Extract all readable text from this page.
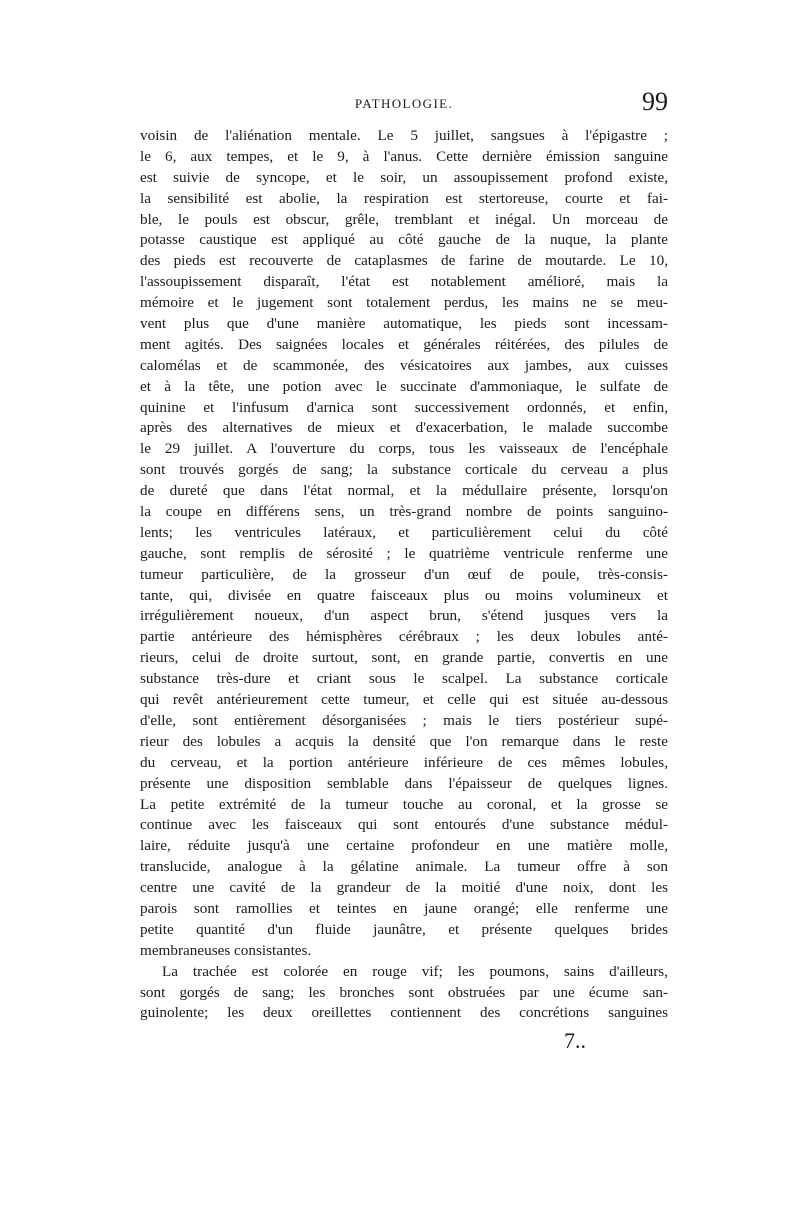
PATHOLOGIE.	99
voisin de l'aliénation mentale. Le 5 juillet, sangsues à l'épigastre ;
le 6, aux tempes, et le 9, à l'anus. Cette dernière émission sanguine
est suivie de syncope, et le soir, un assoupissement profond existe,
la sensibilité est abolie, la respiration est stertoreuse, courte et fai-
ble, le pouls est obscur, grêle, tremblant et inégal. Un morceau de
potasse caustique est appliqué au côté gauche de la nuque, la plante
des pieds est recouverte de cataplasmes de farine de moutarde. Le 10,
l'assoupissement disparaît, l'état est notablement amélioré, mais la
mémoire et le jugement sont totalement perdus, les mains ne se meu-
vent plus que d'une manière automatique, les pieds sont incessam-
ment agités. Des saignées locales et générales réitérées, des pilules de
calomélas et de scammonée, des vésicatoires aux jambes, aux cuisses
et à la tête, une potion avec le succinate d'ammoniaque, le sulfate de
quinine et l'infusum d'arnica sont successivement ordonnés, et enfin,
après des alternatives de mieux et d'exacerbation, le malade succombe
le 29 juillet. A l'ouverture du corps, tous les vaisseaux de l'encéphale
sont trouvés gorgés de sang; la substance corticale du cerveau a plus
de dureté que dans l'état normal, et la médullaire présente, lorsqu'on
la coupe en différens sens, un très-grand nombre de points sanguino-
lents; les ventricules latéraux, et particulièrement celui du côté
gauche, sont remplis de sérosité ; le quatrième ventricule renferme une
tumeur particulière, de la grosseur d'un œuf de poule, très-consis-
tante, qui, divisée en quatre faisceaux plus ou moins volumineux et
irrégulièrement noueux, d'un aspect brun, s'étend jusques vers la
partie antérieure des hémisphères cérébraux ; les deux lobules anté-
rieurs, celui de droite surtout, sont, en grande partie, convertis en une
substance très-dure et criant sous le scalpel. La substance corticale
qui revêt antérieurement cette tumeur, et celle qui est située au-dessous
d'elle, sont entièrement désorganisées ; mais le tiers postérieur supé-
rieur des lobules a acquis la densité que l'on remarque dans le reste
du cerveau, et la portion antérieure inférieure de ces mêmes lobules,
présente une disposition semblable dans l'épaisseur de quelques lignes.
La petite extrémité de la tumeur touche au coronal, et la grosse se
continue avec les faisceaux qui sont entourés d'une substance médul-
laire, réduite jusqu'à une certaine profondeur en une matière molle,
translucide, analogue à la gélatine animale. La tumeur offre à son
centre une cavité de la grandeur de la moitié d'une noix, dont les
parois sont ramollies et teintes en jaune orangé; elle renferme une
petite quantité d'un fluide jaunâtre, et présente quelques brides
membraneuses consistantes.
La trachée est colorée en rouge vif; les poumons, sains d'ailleurs,
sont gorgés de sang; les bronches sont obstruées par une écume san-
guinolente; les deux oreillettes contiennent des concrétions sanguines
7..
